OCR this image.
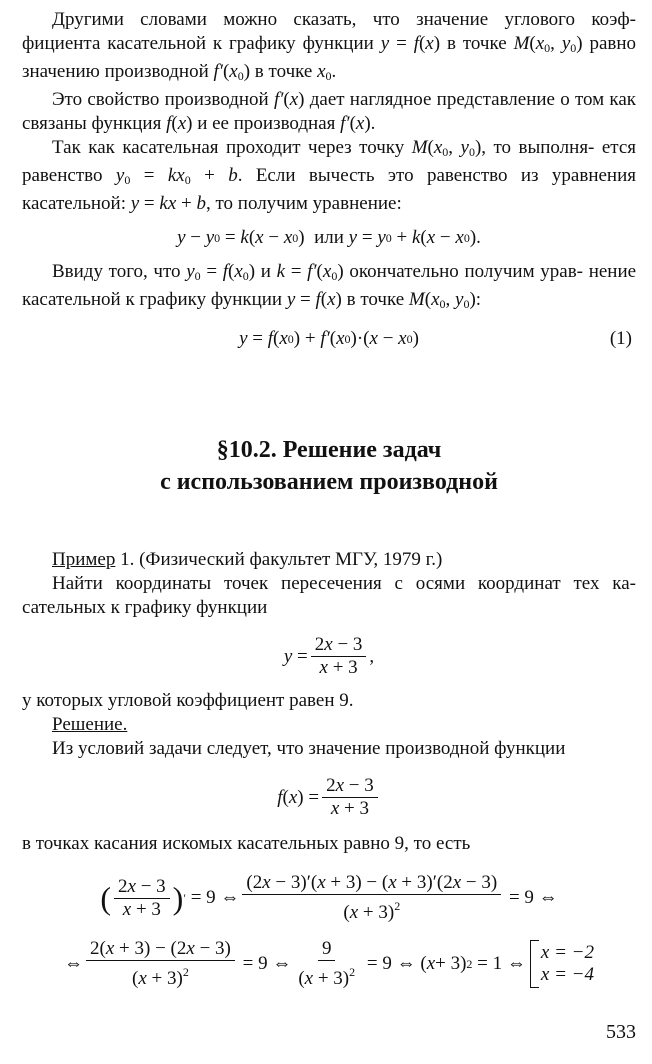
Другими словами можно сказать, что значение углового коэф- фициента касательной к графику функции y = f(x) в точке $M(x_0$, $y_0$) равно значению производной $f'(x_0)$ в точке $x_0$.

Это свойство производной f′(x) дает наглядное представление о том как связаны функция f(x) и ее производная f′(x).

Так как касательная проходит через точку $M(x_0$, $y_0$), то выполня- ется равенство $y_0 = kx_0 + b$. Если вычесть это равенство из уравнения касательной: y = kx + b, то получим уравнение:

y − y 0 = k ( x − x 0 ) или
y = y 0 + k ( x − x 0 ).

Ввиду того, что $y_0 = f(x_0)$ и $k = f'(x_0)$ окончательно получим урав- нение касательной к графику функции y = f(x) в точке $M(x_0$, $y_0$):

y = f ( x 0 ) + f′ ( x 0 )·( x − x 0 )	(1)

§10.2. Решение задач

с использованием производной

Пример 1. (Физический факультет МГУ, 1979 г.)

Найти координаты точек пересечения с осями координат тех ка- сательных к графику функции

$y = \frac{2x - 3}{x + 3}$ ,

у которых угловой коэффициент равен 9.

Решение.

Из условий задачи следует, что значение производной функции

f ( x ) = $\frac{2x - 3}{x + 3}$

в точках касания искомых касательных равно 9, то есть

( $\frac{2x - 3}{x + 3}$ ) ′ = 9 ⇔ $\frac{(2x - 3)'(x + 3) - (x + 3)'(2x - 3)}{(x + 3)^2} = 9$ ⇔
⇔ $\frac{2(x + 3) - (2x - 3)}{(x + 3)^2} = 9$ ⇔ $\frac{9}{(x + 3)^2} = 9$ ⇔ ( x + 3) 2 = 1 ⇔
x = −2
x = −4
533
